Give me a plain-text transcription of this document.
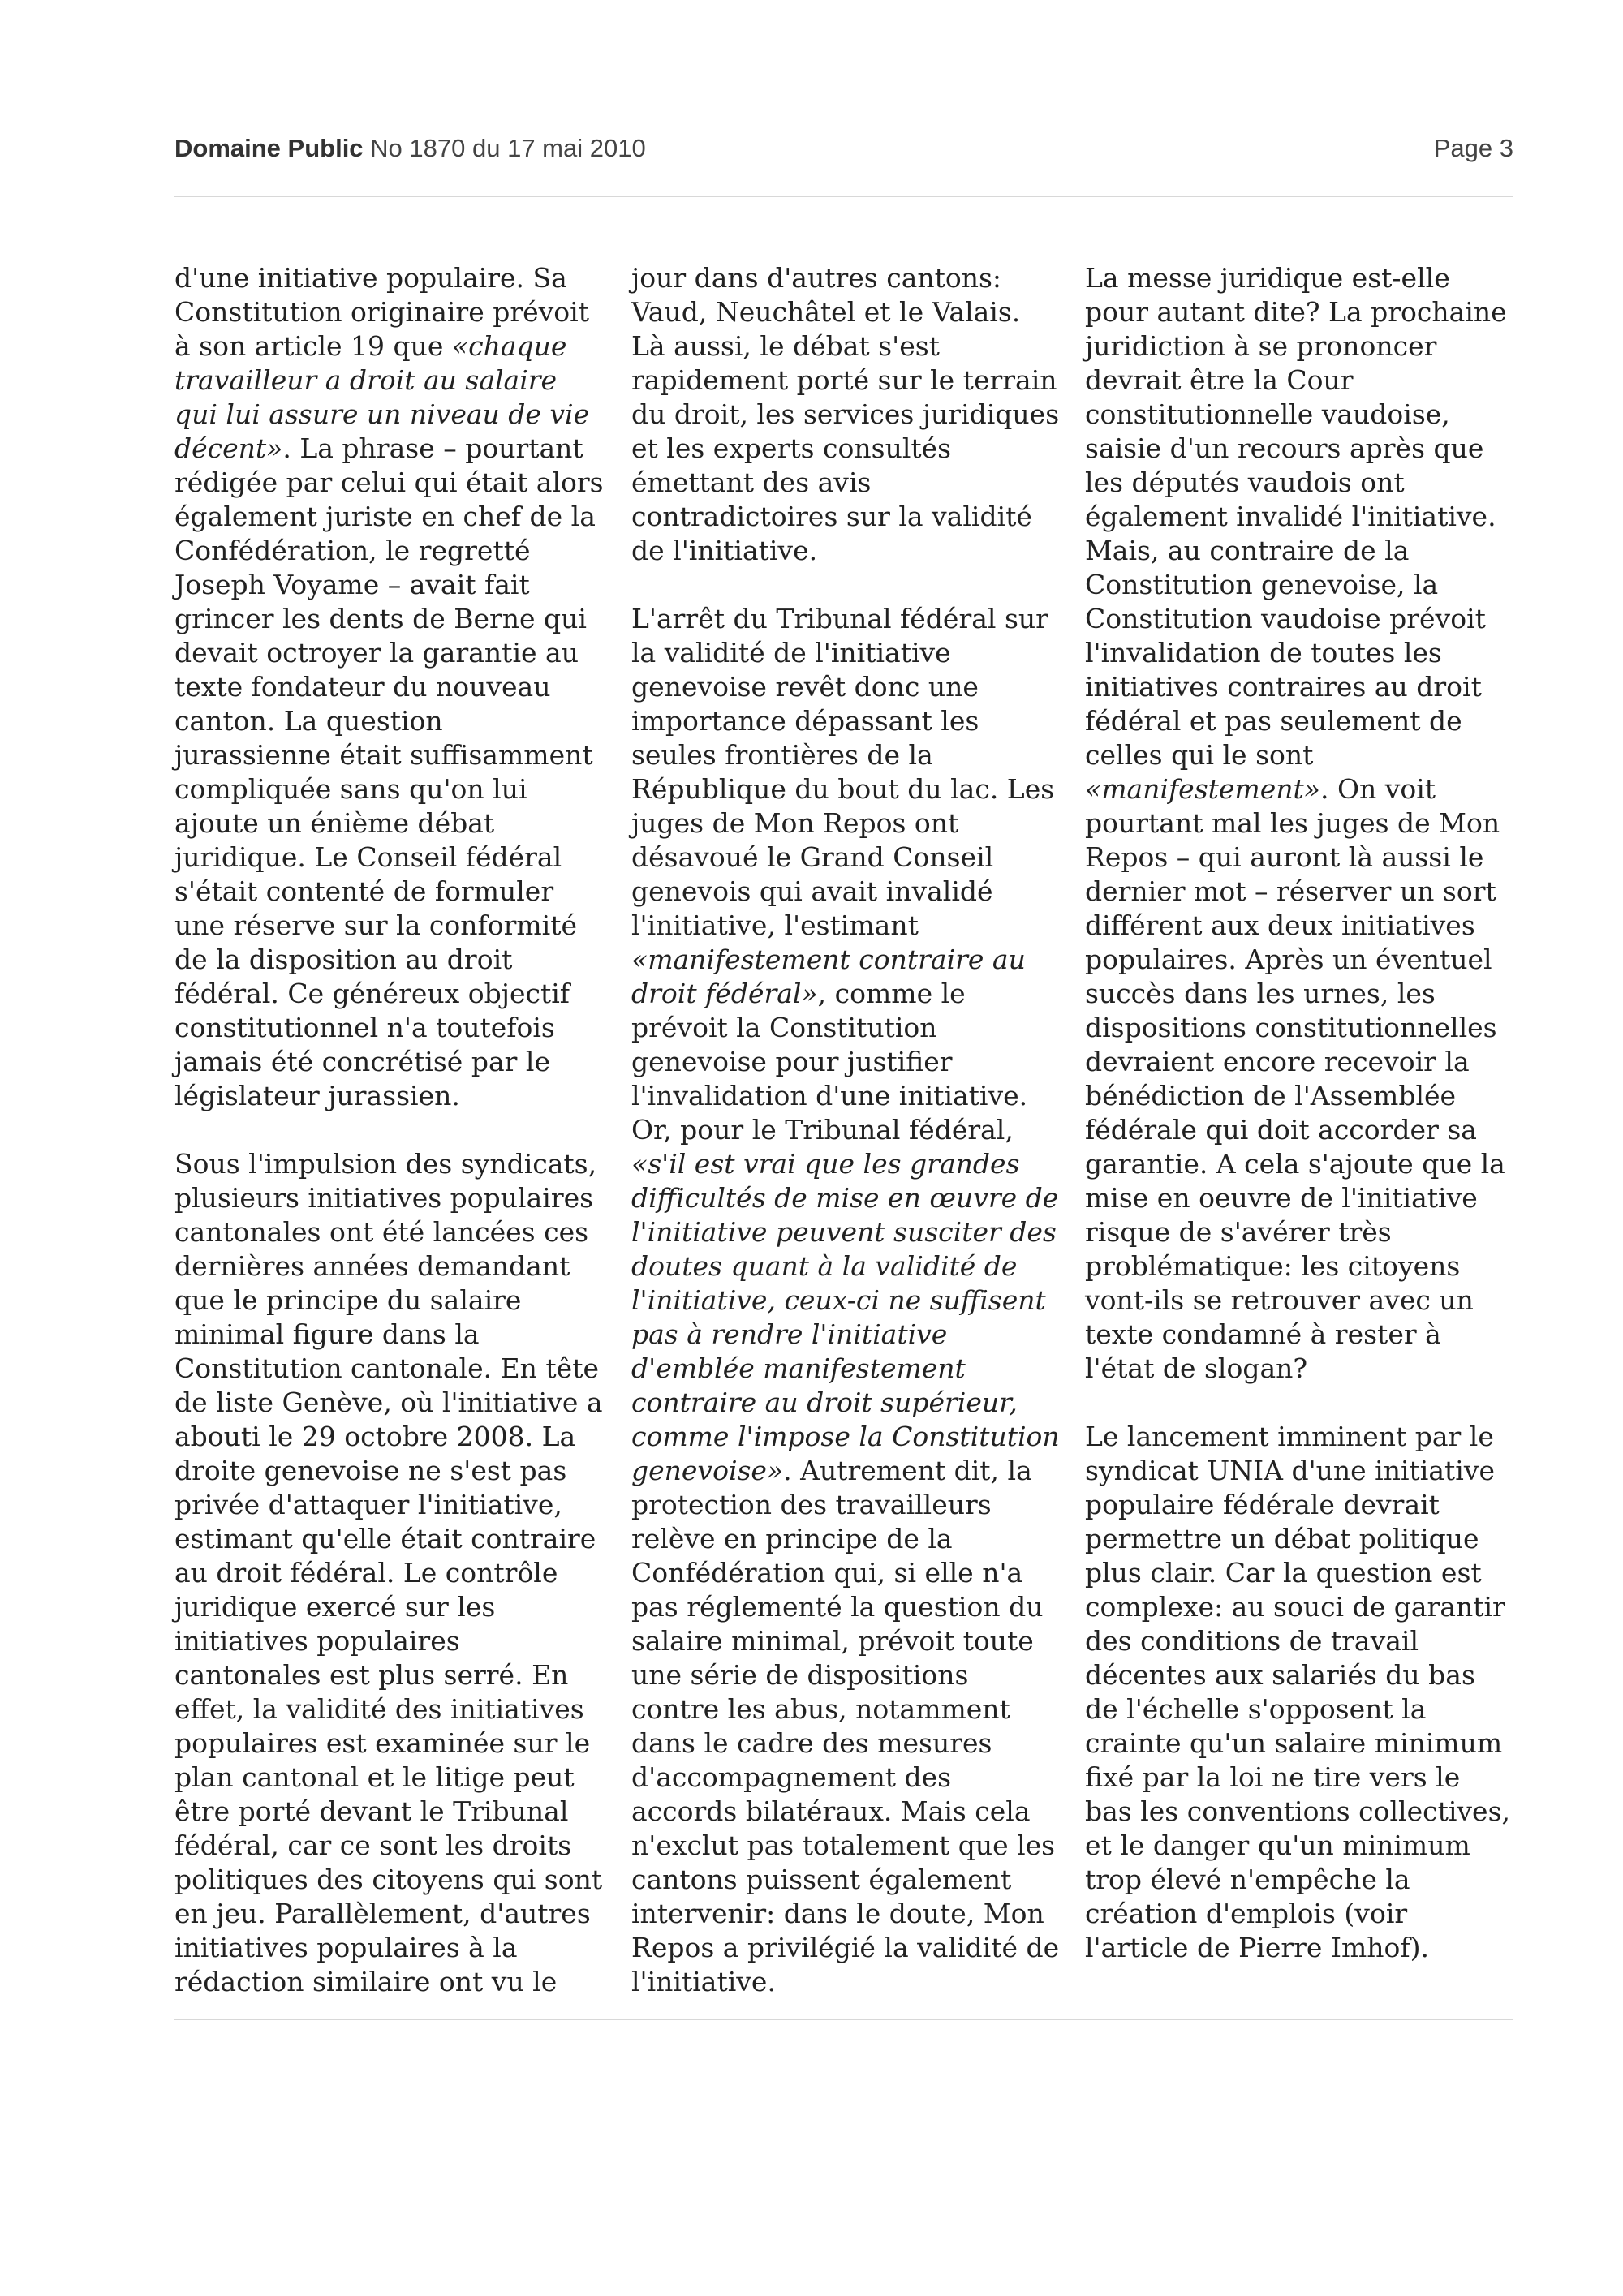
Domaine Public No 1870 du 17 mai 2010	Page 3

d'une initiative populaire. Sa Constitution originaire prévoit à son article 19 que «chaque travailleur a droit au salaire qui lui assure un niveau de vie décent». La phrase – pourtant rédigée par celui qui était alors également juriste en chef de la Confédération, le regretté Joseph Voyame – avait fait grincer les dents de Berne qui devait octroyer la garantie au texte fondateur du nouveau canton. La question jurassienne était suffisamment compliquée sans qu'on lui ajoute un énième débat juridique. Le Conseil fédéral s'était contenté de formuler une réserve sur la conformité de la disposition au droit fédéral. Ce généreux objectif constitutionnel n'a toutefois jamais été concrétisé par le législateur jurassien.

Sous l'impulsion des syndicats, plusieurs initiatives populaires cantonales ont été lancées ces dernières années demandant que le principe du salaire minimal figure dans la Constitution cantonale. En tête de liste Genève, où l'initiative a abouti le 29 octobre 2008. La droite genevoise ne s'est pas privée d'attaquer l'initiative, estimant qu'elle était contraire au droit fédéral. Le contrôle juridique exercé sur les initiatives populaires cantonales est plus serré. En effet, la validité des initiatives populaires est examinée sur le plan cantonal et le litige peut être porté devant le Tribunal fédéral, car ce sont les droits politiques des citoyens qui sont en jeu. Parallèlement, d'autres initiatives populaires à la rédaction similaire ont vu le

jour dans d'autres cantons: Vaud, Neuchâtel et le Valais. Là aussi, le débat s'est rapidement porté sur le terrain du droit, les services juridiques et les experts consultés émettant des avis contradictoires sur la validité de l'initiative.

L'arrêt du Tribunal fédéral sur la validité de l'initiative genevoise revêt donc une importance dépassant les seules frontières de la République du bout du lac. Les juges de Mon Repos ont désavoué le Grand Conseil genevois qui avait invalidé l'initiative, l'estimant «manifestement contraire au droit fédéral», comme le prévoit la Constitution genevoise pour justifier l'invalidation d'une initiative. Or, pour le Tribunal fédéral, «s'il est vrai que les grandes difficultés de mise en œuvre de l'initiative peuvent susciter des doutes quant à la validité de l'initiative, ceux-ci ne suffisent pas à rendre l'initiative d'emblée manifestement contraire au droit supérieur, comme l'impose la Constitution genevoise». Autrement dit, la protection des travailleurs relève en principe de la Confédération qui, si elle n'a pas réglementé la question du salaire minimal, prévoit toute une série de dispositions contre les abus, notamment dans le cadre des mesures d'accompagnement des accords bilatéraux. Mais cela n'exclut pas totalement que les cantons puissent également intervenir: dans le doute, Mon Repos a privilégié la validité de l'initiative.

La messe juridique est-elle pour autant dite? La prochaine juridiction à se prononcer devrait être la Cour constitutionnelle vaudoise, saisie d'un recours après que les députés vaudois ont également invalidé l'initiative. Mais, au contraire de la Constitution genevoise, la Constitution vaudoise prévoit l'invalidation de toutes les initiatives contraires au droit fédéral et pas seulement de celles qui le sont «manifestement». On voit pourtant mal les juges de Mon Repos – qui auront là aussi le dernier mot – réserver un sort différent aux deux initiatives populaires. Après un éventuel succès dans les urnes, les dispositions constitutionnelles devraient encore recevoir la bénédiction de l'Assemblée fédérale qui doit accorder sa garantie. A cela s'ajoute que la mise en oeuvre de l'initiative risque de s'avérer très problématique: les citoyens vont-ils se retrouver avec un texte condamné à rester à l'état de slogan?

Le lancement imminent par le syndicat UNIA d'une initiative populaire fédérale devrait permettre un débat politique plus clair. Car la question est complexe: au souci de garantir des conditions de travail décentes aux salariés du bas de l'échelle s'opposent la crainte qu'un salaire minimum fixé par la loi ne tire vers le bas les conventions collectives, et le danger qu'un minimum trop élevé n'empêche la création d'emplois (voir l'article de Pierre Imhof).
